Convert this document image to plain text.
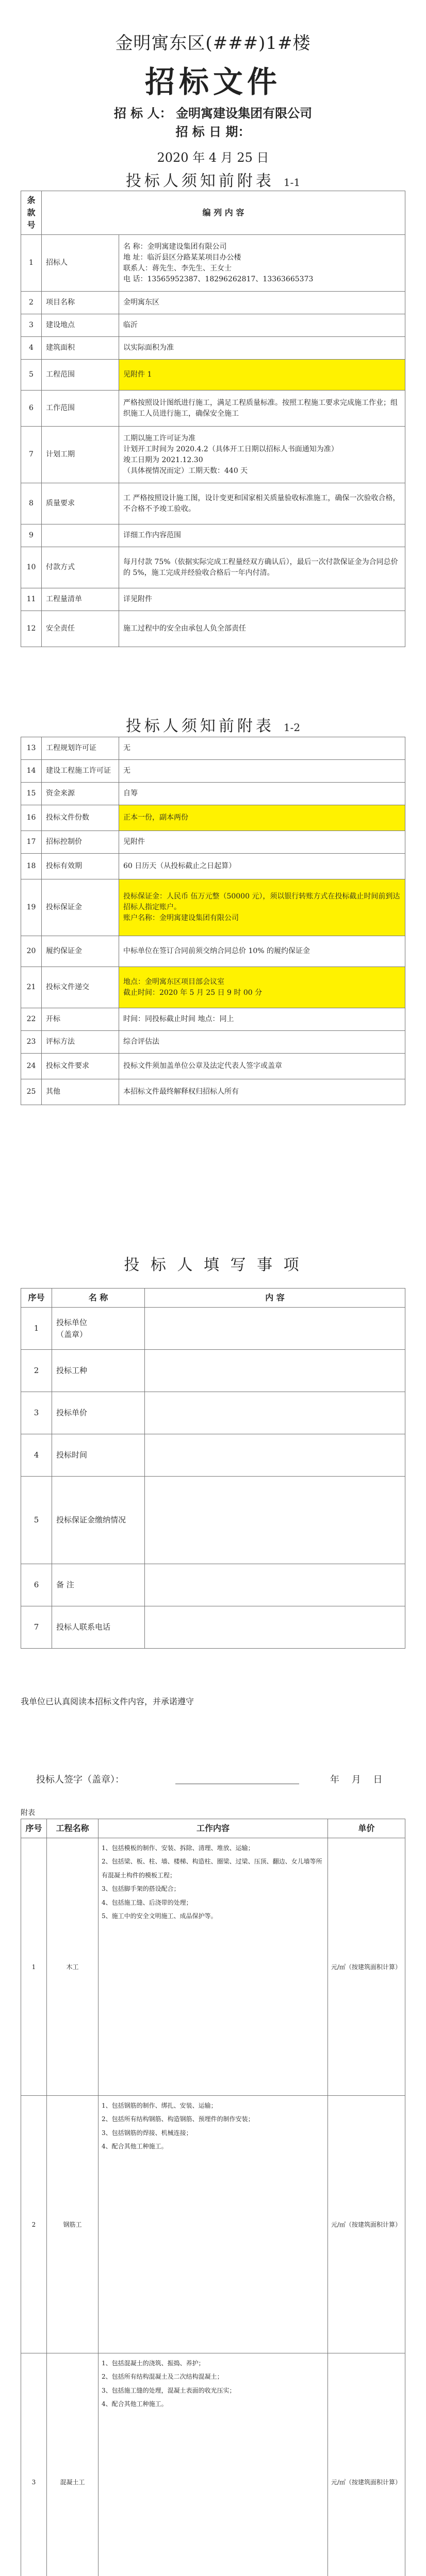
金明寓东区(###)1#楼
招标文件
招 标 人： 金明寓建设集团有限公司
招 标 日 期：
2020 年 4 月 25 日
投标人须知前附表 1-1
条款号	编 列 内 容	
1	招标人	名 称：金明寓建设集团有限公司
地 址：临沂县区分路某某项目办公楼
联系人：蒋先生、李先生、王女士
电 话：13565952387、18296262817、13363665373
2	项目名称	金明寓东区
3	建设地点	临沂
4	建筑面积	以实际面积为准
5	工程范围	见附件 1
6	工作范围	严格按照设计图纸进行施工，满足工程质量标准。按照工程施工要求完成施工作业；组织施工人员进行施工，确保安全施工
7	计划工期	工期以施工许可证为准
计划开工时间为 2020.4.2（具体开工日期以招标人书面通知为准）
竣工日期为 2021.12.30
（具体视情况而定）工期天数：440 天
8	质量要求	工 严格按照设计施工图，设计变更和国家相关质量验收标准施工，确保一次验收合格，不合格不予竣工验收。
9		详细工作内容范围
10	付款方式	每月付款 75%（依据实际完成工程量经双方确认后），最后一次付款保证金为合同总价的 5%，施工完成并经验收合格后一年内付清。
11	工程量清单	详见附件
12	安全责任	施工过程中的安全由承包人负全部责任
投标人须知前附表 1-2
13	工程规划许可证	无
14	建设工程施工许可证	无
15	资金来源	自筹
16	投标文件份数	正本一份，副本两份
17	招标控制价	见附件
18	投标有效期	60 日历天（从投标截止之日起算）
19	投标保证金	投标保证金：人民币 伍万元整（50000 元），须以银行转账方式在投标截止时间前到达招标人指定账户。
账户名称：金明寓建设集团有限公司
20	履约保证金	中标单位在签订合同前须交纳合同总价 10% 的履约保证金
21	投标文件递交	地点：金明寓东区项目部会议室
截止时间：2020 年 5 月 25 日 9 时 00 分
22	开标	时间：同投标截止时间 地点：同上
23	评标方法	综合评估法
24	投标文件要求	投标文件须加盖单位公章及法定代表人签字或盖章
25	其他	本招标文件最终解释权归招标人所有
投 标 人 填 写 事 项
序号	名 称	内 容
1	投标单位
（盖章）	
2	投标工种	
3	投标单价	
4	投标时间	
5	投标保证金缴纳情况	
6	备 注	
7	投标人联系电话	
我单位已认真阅读本招标文件内容，并承诺遵守
投标人签字（盖章）：	年 月 日
附表
序号	工程名称	工作内容	单价
1	木工	1、包括模板的制作、安装、拆除、清理、堆放、运输；
2、包括梁、板、柱、墙、楼梯、构造柱、圈梁、过梁、压顶、翻边、女儿墙等所有混凝土构件的模板工程；
3、包括脚手架的搭设配合；
4、包括施工缝、后浇带的处理；
5、施工中的安全文明施工、成品保护等。	元/㎡（按建筑面积计算）
2	钢筋工	1、包括钢筋的制作、绑扎、安装、运输；
2、包括所有结构钢筋、构造钢筋、预埋件的制作安装；
3、包括钢筋的焊接、机械连接；
4、配合其他工种施工。	元/㎡（按建筑面积计算）
3	混凝土工	1、包括混凝土的浇筑、振捣、养护；
2、包括所有结构混凝土及二次结构混凝土；
3、包括施工缝的处理，混凝土表面的收光压实；
4、配合其他工种施工。	元/㎡（按建筑面积计算）
